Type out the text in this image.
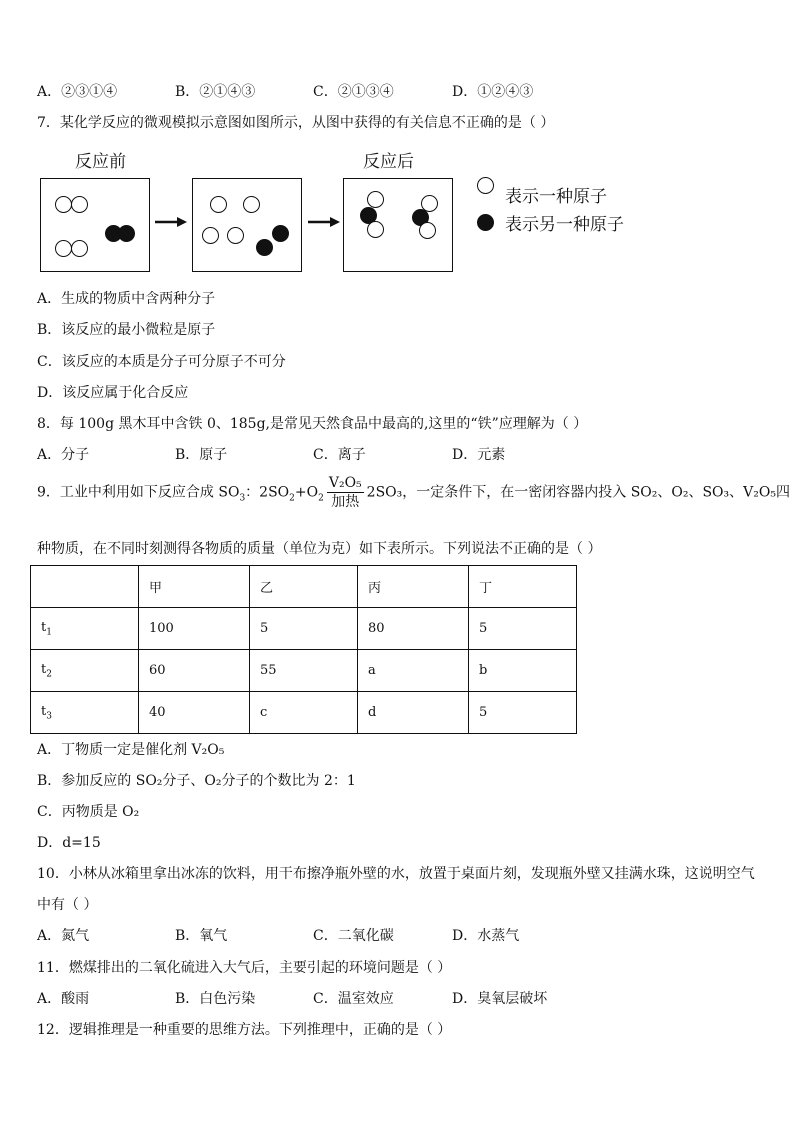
A．②③①④	B．②①④③	C．②①③④	D．①②④③
7．某化学反应的微观模拟示意图如图所示，从图中获得的有关信息不正确的是（ ）
反应前	反应后
表示一种原子
表示另一种原子
A．生成的物质中含两种分子
B．该反应的最小微粒是原子
C．该反应的本质是分子可分原子不可分
D．该反应属于化合反应
8．每 100g 黑木耳中含铁 0、185g,是常见天然食品中最高的,这里的“铁”应理解为（ ）
A．分子	B．原子	C．离子	D．元素
9．工业中利用如下反应合成 $SO_3$：$2SO_2+O_2 \frac{\text{V₂O₅}}{\text{加热}} 2SO_3$，一定条件下，在一密闭容器内投入 SO₂、O₂、SO₃、V₂O₅四
种物质，在不同时刻测得各物质的质量（单位为克）如下表所示。下列说法不正确的是（ ）
	甲	乙	丙	丁
$t_1$	100	5	80	5
$t_2$	60	55	a	b
$t_3$	40	c	d	5
A．丁物质一定是催化剂 V₂O₅
B．参加反应的 SO₂分子、O₂分子的个数比为 2：1
C．丙物质是 O₂
D．d=15
10．小林从冰箱里拿出冰冻的饮料，用干布擦净瓶外壁的水，放置于桌面片刻，发现瓶外壁又挂满水珠，这说明空气
中有（ ）
A．氮气	B．氧气	C．二氧化碳	D．水蒸气
11．燃煤排出的二氧化硫进入大气后，主要引起的环境问题是（ ）
A．酸雨	B．白色污染	C．温室效应	D．臭氧层破坏
12．逻辑推理是一种重要的思维方法。下列推理中，正确的是（ ）
